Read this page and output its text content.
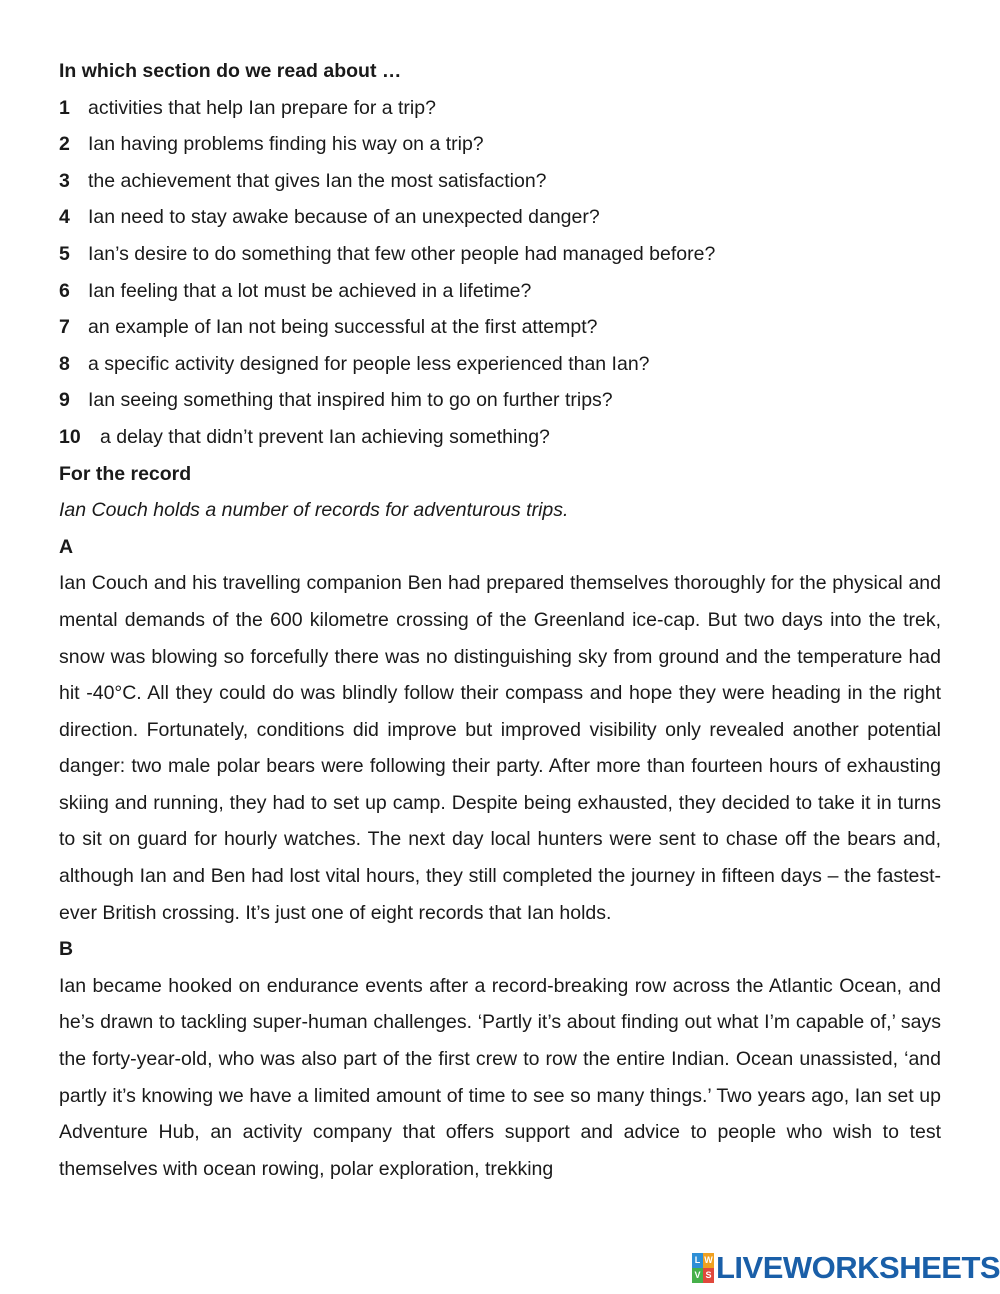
In which section do we read about …

1 activities that help Ian prepare for a trip?
2 Ian having problems finding his way on a trip?
3 the achievement that gives Ian the most satisfaction?
4 Ian need to stay awake because of an unexpected danger?
5 Ian’s desire to do something that few other people had managed before?
6 Ian feeling that a lot must be achieved in a lifetime?
7 an example of Ian not being successful at the first attempt?
8 a specific activity designed for people less experienced than Ian?
9 Ian seeing something that inspired him to go on further trips?
10 a delay that didn’t prevent Ian achieving something?

For the record

Ian Couch holds a number of records for adventurous trips.

A

Ian Couch and his travelling companion Ben had prepared themselves thoroughly for the physical and mental demands of the 600 kilometre crossing of the Greenland ice-cap. But two days into the trek, snow was blowing so forcefully there was no distinguishing sky from ground and the temperature had hit -40°C. All they could do was blindly follow their compass and hope they were heading in the right direction. Fortunately, conditions did improve but improved visibility only revealed another potential danger: two male polar bears were following their party. After more than fourteen hours of exhausting skiing and running, they had to set up camp. Despite being exhausted, they decided to take it in turns to sit on guard for hourly watches. The next day local hunters were sent to chase off the bears and, although Ian and Ben had lost vital hours, they still completed the journey in fifteen days – the fastest-ever British crossing. It’s just one of eight records that Ian holds.

B

Ian became hooked on endurance events after a record-breaking row across the Atlantic Ocean, and he’s drawn to tackling super-human challenges. ‘Partly it’s about finding out what I’m capable of,’ says the forty-year-old, who was also part of the first crew to row the entire Indian. Ocean unassisted, ‘and partly it’s knowing we have a limited amount of time to see so many things.’ Two years ago, Ian set up Adventure Hub, an activity company that offers support and advice to people who wish to test themselves with ocean rowing, polar exploration, trekking

L W
V S LIVEWORKSHEETS
